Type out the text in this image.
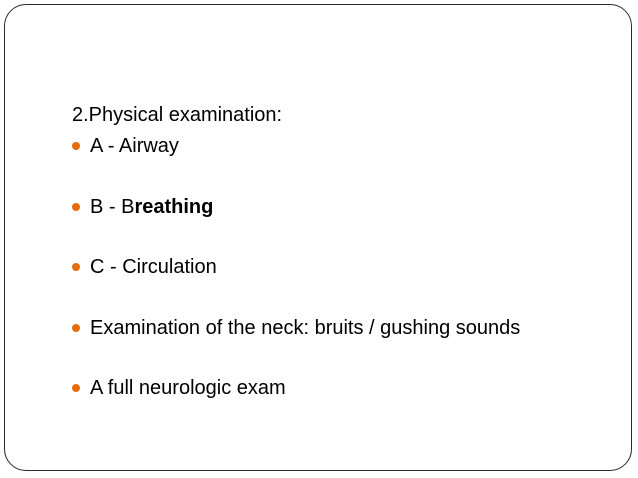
2.Physical examination:
A - Airway
B - B reathing
C - Circulation
Examination of the neck: bruits / gushing sounds
A full neurologic exam
